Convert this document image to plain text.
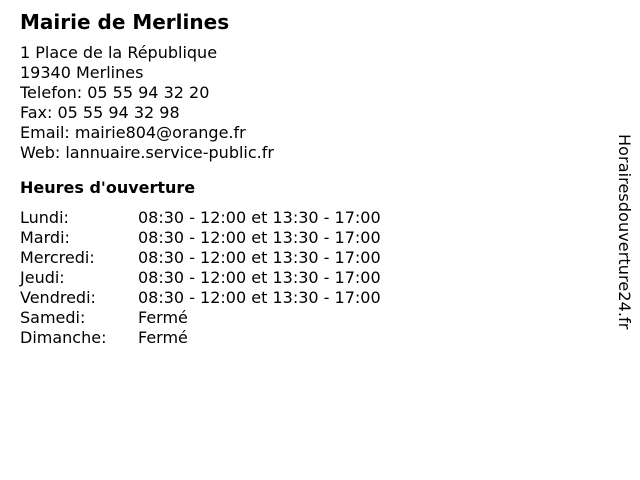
Mairie de Merlines
1 Place de la République
19340 Merlines
Telefon: 05 55 94 32 20
Fax: 05 55 94 32 98
Email: mairie804@orange.fr
Web: lannuaire.service-public.fr
Heures d'ouverture
Lundi:	08:30 - 12:00 et 13:30 - 17:00
Mardi:	08:30 - 12:00 et 13:30 - 17:00
Mercredi:	08:30 - 12:00 et 13:30 - 17:00
Jeudi:	08:30 - 12:00 et 13:30 - 17:00
Vendredi:	08:30 - 12:00 et 13:30 - 17:00
Samedi:	Fermé
Dimanche:	Fermé
Horairesdouverture24.fr
